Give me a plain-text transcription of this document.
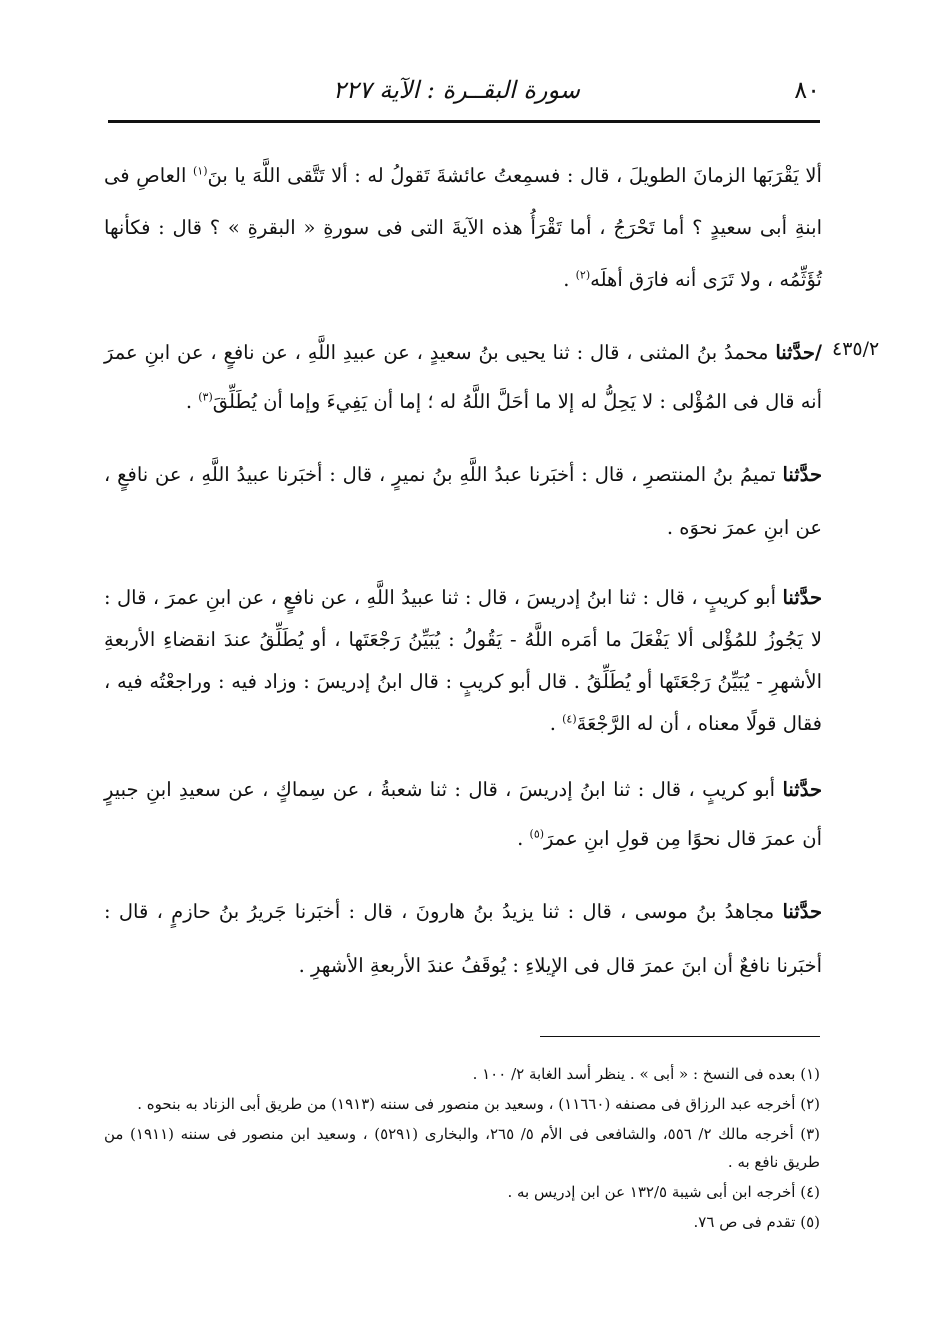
٨٠
سورة البقــرة : الآية ٢٢٧
٤٣٥/٢

ألا يَقْرَبَها الزمانَ الطويلَ ، قال : فسمِعتُ عائشةَ تَقولُ له : ألا تَتَّقى اللَّهَ يا بنَ$^{(١)}$ العاصِ فى ابنةِ أبى سعيدٍ ؟ أما تَحْرَجُ ، أما تَقْرَأُ هذه الآيةَ التى فى سورةِ « البقرةِ » ؟ قال : فكأنها تُؤَثِّمُه ، ولا تَرَى أنه فارَق أهلَه$^{(٢)}$ .

/حدَّثنا محمدُ بنُ المثنى ، قال : ثنا يحيى بنُ سعيدٍ ، عن عبيدِ اللَّهِ ، عن نافعٍ ، عن ابنِ عمرَ أنه قال فى المُؤْلى : لا يَحِلُّ له إلا ما أحَلَّ اللَّهُ له ؛ إما أن يَفِيءَ وإما أن يُطَلِّقَ$^{(٣)}$ .

حدَّثنا تميمُ بنُ المنتصرِ ، قال : أخبَرنا عبدُ اللَّهِ بنُ نميرٍ ، قال : أخبَرنا عبيدُ اللَّهِ ، عن نافعٍ ، عن ابنِ عمرَ نحوَه .

حدَّثنا أبو كريبٍ ، قال : ثنا ابنُ إدريسَ ، قال : ثنا عبيدُ اللَّهِ ، عن نافعٍ ، عن ابنِ عمرَ ، قال : لا يَجُوزُ للمُؤْلى ألا يَفْعَلَ ما أمَره اللَّهُ - يَقُولُ : يُبَيِّنُ رَجْعَتَها ، أو يُطَلِّقُ عندَ انقضاءِ الأربعةِ الأشهرِ - يُبَيِّنُ رَجْعَتَها أو يُطَلِّقُ . قال أبو كريبٍ : قال ابنُ إدريسَ : وزاد فيه : وراجعْتُه فيه ، فقال قولًا معناه ، أن له الرَّجْعَةَ$^{(٤)}$ .

حدَّثنا أبو كريبٍ ، قال : ثنا ابنُ إدريسَ ، قال : ثنا شعبةُ ، عن سِماكٍ ، عن سعيدِ ابنِ جبيرٍ أن عمرَ قال نحوًا مِن قولِ ابنِ عمرَ$^{(٥)}$ .

حدَّثنا مجاهدُ بنُ موسى ، قال : ثنا يزيدُ بنُ هارونَ ، قال : أخبَرنا جَريرُ بنُ حازمٍ ، قال : أخبَرنا نافعٌ أن ابنَ عمرَ قال فى الإيلاءِ : يُوقَفُ عندَ الأربعةِ الأشهرِ .

(١) بعده فى النسخ : « أبى » . ينظر أسد الغابة ٢/ ١٠٠ .

(٢) أخرجه عبد الرزاق فى مصنفه (١١٦٦٠) ، وسعيد بن منصور فى سننه (١٩١٣) من طريق أبى الزناد به بنحوه .

(٣) أخرجه مالك ٢/ ٥٥٦، والشافعى فى الأم ٥/ ٢٦٥، والبخارى (٥٢٩١) ، وسعيد ابن منصور فى سننه (١٩١١) من طريق نافع به .

(٤) أخرجه ابن أبى شيبة ١٣٢/٥ عن ابن إدريس به .

(٥) تقدم فى ص ٧٦.
